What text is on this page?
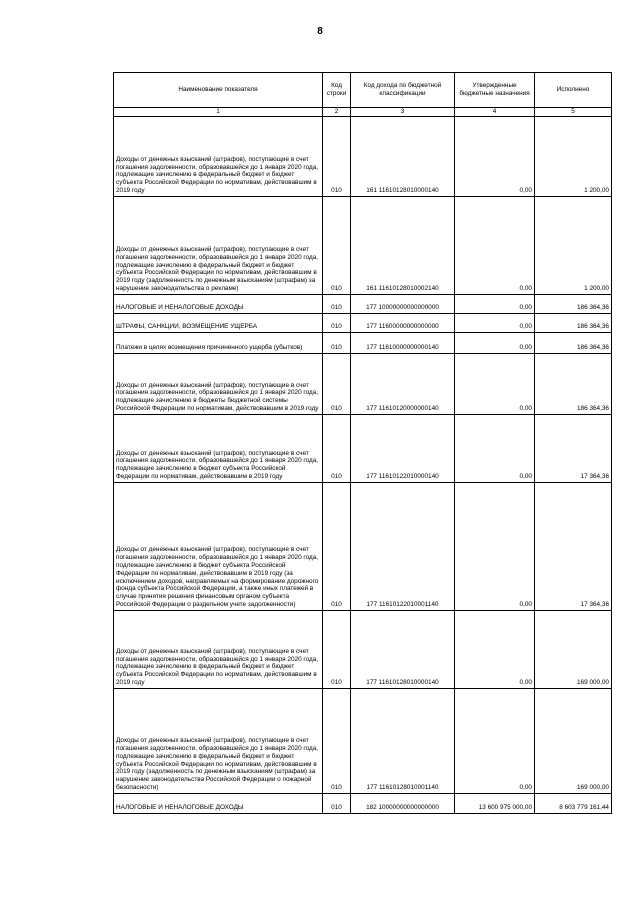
8
Наименование показателя	Код строки	Код дохода по бюджетной классификации	Утвержденные бюджетные назначения	Исполнено
1	2	3	4	5
Доходы от денежных взысканий (штрафов), поступающие в счет погашения задолженности, образовавшейся до 1 января 2020 года, подлежащие зачислению в федеральный бюджет и бюджет субъекта Российской Федерации по нормативам, действовавшим в 2019 году	010	161 11610128010000140	0,00	1 200,00
Доходы от денежных взысканий (штрафов), поступающие в счет погашения задолженности, образовавшейся до 1 января 2020 года, подлежащие зачислению в федеральный бюджет и бюджет субъекта Российской Федерации по нормативам, действовавшим в 2019 году (задолженность по денежным взысканиям (штрафам) за нарушение законодательства о рекламе)	010	161 11610128010002140	0,00	1 200,00
НАЛОГОВЫЕ И НЕНАЛОГОВЫЕ ДОХОДЫ	010	177 10000000000000000	0,00	186 364,36
ШТРАФЫ, САНКЦИИ, ВОЗМЕЩЕНИЕ УЩЕРБА	010	177 11600000000000000	0,00	186 364,36
Платежи в целях возмещения причиненного ущерба (убытков)	010	177 11610000000000140	0,00	186 364,36
Доходы от денежных взысканий (штрафов), поступающие в счет погашения задолженности, образовавшейся до 1 января 2020 года, подлежащие зачислению в бюджеты бюджетной системы Российской Федерации по нормативам, действовавшим в 2019 году	010	177 11610120000000140	0,00	186 364,36
Доходы от денежных взысканий (штрафов), поступающие в счет погашения задолженности, образовавшейся до 1 января 2020 года, подлежащие зачислению в бюджет субъекта Российской Федерации по нормативам, действовавшим в 2019 году	010	177 11610122010000140	0,00	17 364,36
Доходы от денежных взысканий (штрафов), поступающие в счет погашения задолженности, образовавшейся до 1 января 2020 года, подлежащие зачислению в бюджет субъекта Российской Федерации по нормативам, действовавшим в 2019 году (за исключением доходов, направляемых на формирование дорожного фонда субъекта Российской Федерации, а также иных платежей в случае принятия решения финансовым органом субъекта Российской Федерации о раздельном учете задолженности)	010	177 11610122010001140	0,00	17 364,36
Доходы от денежных взысканий (штрафов), поступающие в счет погашения задолженности, образовавшейся до 1 января 2020 года, подлежащие зачислению в федеральный бюджет и бюджет субъекта Российской Федерации по нормативам, действовавшим в 2019 году	010	177 11610128010000140	0,00	169 000,00
Доходы от денежных взысканий (штрафов), поступающие в счет погашения задолженности, образовавшейся до 1 января 2020 года, подлежащие зачислению в федеральный бюджет и бюджет субъекта Российской Федерации по нормативам, действовавшим в 2019 году (задолженность по денежным взысканиям (штрафам) за нарушение законодательства Российской Федерации о пожарной безопасности)	010	177 11610128010001140	0,00	169 000,00
НАЛОГОВЫЕ И НЕНАЛОГОВЫЕ ДОХОДЫ	010	182 10000000000000000	13 600 975 000,00	8 603 779 161,44
